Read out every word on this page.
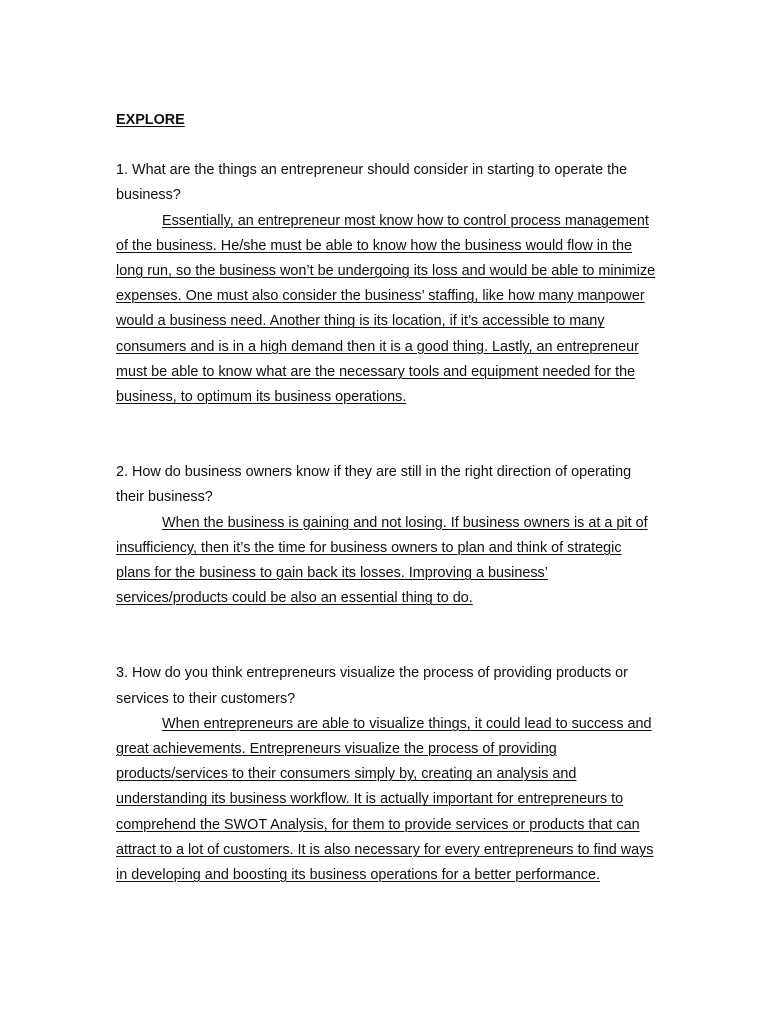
EXPLORE

1. What are the things an entrepreneur should consider in starting to operate the business?

Essentially, an entrepreneur most know how to control process management of the business. He/she must be able to know how the business would flow in the long run, so the business won’t be undergoing its loss and would be able to minimize expenses. One must also consider the business’ staffing, like how many manpower would a business need. Another thing is its location, if it’s accessible to many consumers and is in a high demand then it is a good thing. Lastly, an entrepreneur must be able to know what are the necessary tools and equipment needed for the business, to optimum its business operations.

2. How do business owners know if they are still in the right direction of operating their business?

When the business is gaining and not losing. If business owners is at a pit of insufficiency, then it’s the time for business owners to plan and think of strategic plans for the business to gain back its losses. Improving a business’ services/products could be also an essential thing to do.

3. How do you think entrepreneurs visualize the process of providing products or services to their customers?

When entrepreneurs are able to visualize things, it could lead to success and great achievements. Entrepreneurs visualize the process of providing products/services to their consumers simply by, creating an analysis and understanding its business workflow. It is actually important for entrepreneurs to comprehend the SWOT Analysis, for them to provide services or products that can attract to a lot of customers. It is also necessary for every entrepreneurs to find ways in developing and boosting its business operations for a better performance.
